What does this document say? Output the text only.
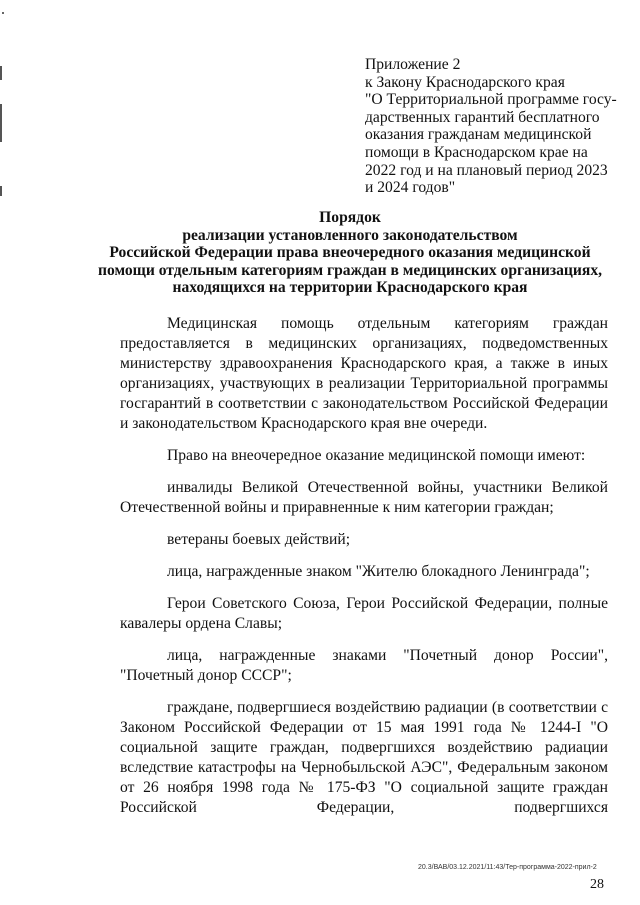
Приложение 2
к Закону Краснодарского края
"О Территориальной программе госу-
дарственных гарантий бесплатного
оказания гражданам медицинской
помощи в Краснодарском крае на
2022 год и на плановый период 2023
и 2024 годов"
Порядок
реализации установленного законодательством
Российской Федерации права внеочередного оказания медицинской
помощи отдельным категориям граждан в медицинских организациях,
находящихся на территории Краснодарского края

Медицинская помощь отдельным категориям граждан предоставляется в медицинских организациях, подведомственных министерству здравоохранения Краснодарского края, а также в иных организациях, участвующих в реализации Территориальной программы госгарантий в соответствии с законодательством Российской Федерации и законодательством Краснодарского края вне очереди.

Право на внеочередное оказание медицинской помощи имеют:

инвалиды Великой Отечественной войны, участники Великой Отечественной войны и приравненные к ним категории граждан;

ветераны боевых действий;

лица, награжденные знаком "Жителю блокадного Ленинграда";

Герои Советского Союза, Герои Российской Федерации, полные кавалеры ордена Славы;

лица, награжденные знаками "Почетный донор России", "Почетный донор СССР";

граждане, подвергшиеся воздействию радиации (в соответствии с Законом Российской Федерации от 15 мая 1991 года № 1244-I "О социальной защите граждан, подвергшихся воздействию радиации вследствие катастрофы на Чернобыльской АЭС", Федеральным законом от 26 ноября 1998 года № 175-ФЗ "О социальной защите граждан Российской Федерации, подвергшихся

20.3/ВАВ/03.12.2021/11:43/Тер-программа-2022-прил-2
28
